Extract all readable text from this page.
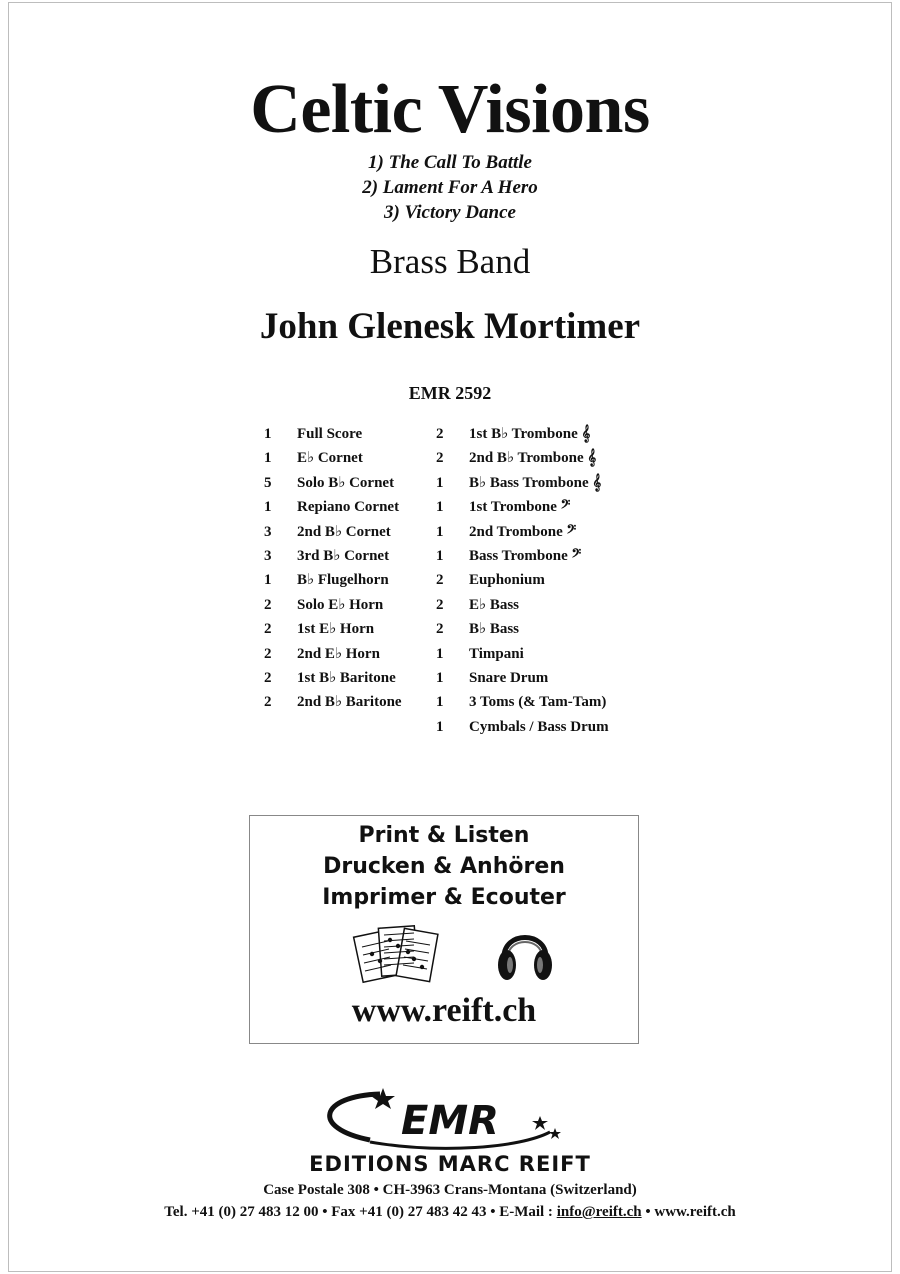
Celtic Visions
1) The Call To Battle
2) Lament For A Hero
3) Victory Dance
Brass Band
John Glenesk Mortimer
EMR 2592
1	Full Score
1	E♭ Cornet
5	Solo B♭ Cornet
1	Repiano Cornet
3	2nd B♭ Cornet
3	3rd B♭ Cornet
1	B♭ Flugelhorn
2	Solo E♭ Horn
2	1st E♭ Horn
2	2nd E♭ Horn
2	1st B♭ Baritone
2	2nd B♭ Baritone
2	1st B♭ Trombone 𝄞
2	2nd B♭ Trombone 𝄞
1	B♭ Bass Trombone 𝄞
1	1st Trombone 𝄢
1	2nd Trombone 𝄢
1	Bass Trombone 𝄢
2	Euphonium
2	E♭ Bass
2	B♭ Bass
1	Timpani
1	Snare Drum
1	3 Toms (& Tam-Tam)
1	Cymbals / Bass Drum
Print & Listen
Drucken & Anhören
Imprimer & Ecouter
www.reift.ch
EMR
EDITIONS MARC REIFT
Case Postale 308 • CH-3963 Crans-Montana (Switzerland)
Tel. +41 (0) 27 483 12 00 • Fax +41 (0) 27 483 42 43 • E-Mail : info@reift.ch • www.reift.ch
